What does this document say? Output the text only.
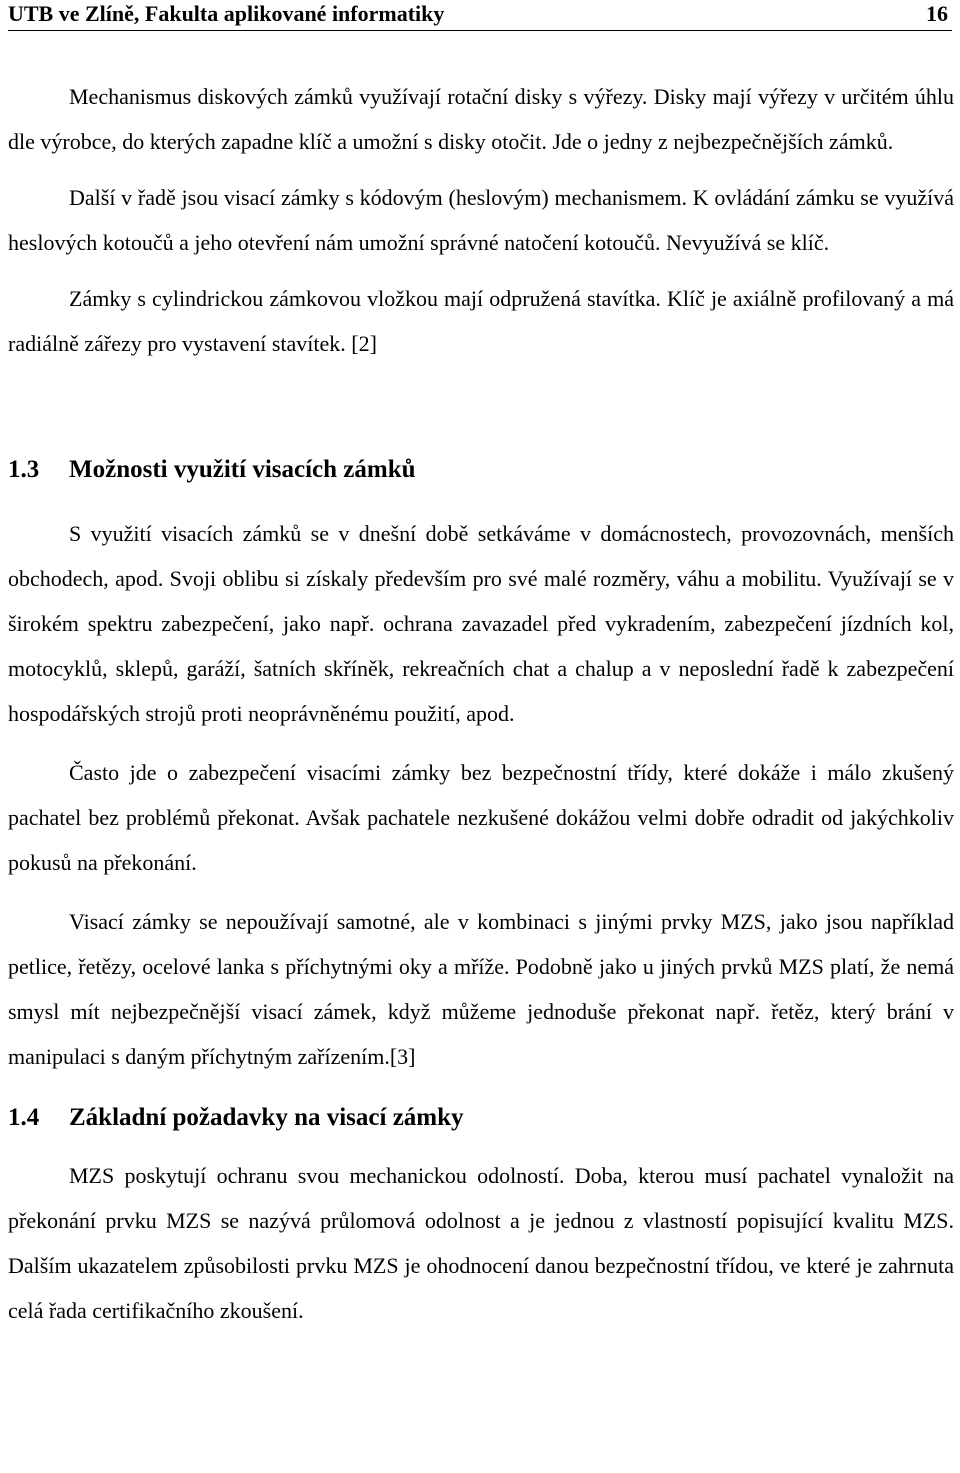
UTB ve Zlíně, Fakulta aplikované informatiky	16

Mechanismus diskových zámků využívají rotační disky s výřezy. Disky mají výřezy v určitém úhlu dle výrobce, do kterých zapadne klíč a umožní s disky otočit. Jde o jedny z nejbezpečnějších zámků.

Další v řadě jsou visací zámky s kódovým (heslovým) mechanismem. K ovládání zámku se využívá heslových kotoučů a jeho otevření nám umožní správné natočení kotoučů. Nevyužívá se klíč.

Zámky s cylindrickou zámkovou vložkou mají odpružená stavítka. Klíč je axiálně profilovaný a má radiálně zářezy pro vystavení stavítek. [2]

1.3 Možnosti využití visacích zámků

S využití visacích zámků se v dnešní době setkáváme v domácnostech, provozovnách, menších obchodech, apod. Svoji oblibu si získaly především pro své malé rozměry, váhu a mobilitu. Využívají se v širokém spektru zabezpečení, jako např. ochrana zavazadel před vykradením, zabezpečení jízdních kol, motocyklů, sklepů, garáží, šatních skříněk, rekreačních chat a chalup a v neposlední řadě k zabezpečení hospodářských strojů proti neoprávněnému použití, apod.

Často jde o zabezpečení visacími zámky bez bezpečnostní třídy, které dokáže i málo zkušený pachatel bez problémů překonat. Avšak pachatele nezkušené dokážou velmi dobře odradit od jakýchkoliv pokusů na překonání.

Visací zámky se nepoužívají samotné, ale v kombinaci s jinými prvky MZS, jako jsou například petlice, řetězy, ocelové lanka s příchytnými oky a mříže. Podobně jako u jiných prvků MZS platí, že nemá smysl mít nejbezpečnější visací zámek, když můžeme jednoduše překonat např. řetěz, který brání v manipulaci s daným příchytným zařízením.[3]

1.4 Základní požadavky na visací zámky

MZS poskytují ochranu svou mechanickou odolností. Doba, kterou musí pachatel vynaložit na překonání prvku MZS se nazývá průlomová odolnost a je jednou z vlastností popisující kvalitu MZS. Dalším ukazatelem způsobilosti prvku MZS je ohodnocení danou bezpečnostní třídou, ve které je zahrnuta celá řada certifikačního zkoušení.
